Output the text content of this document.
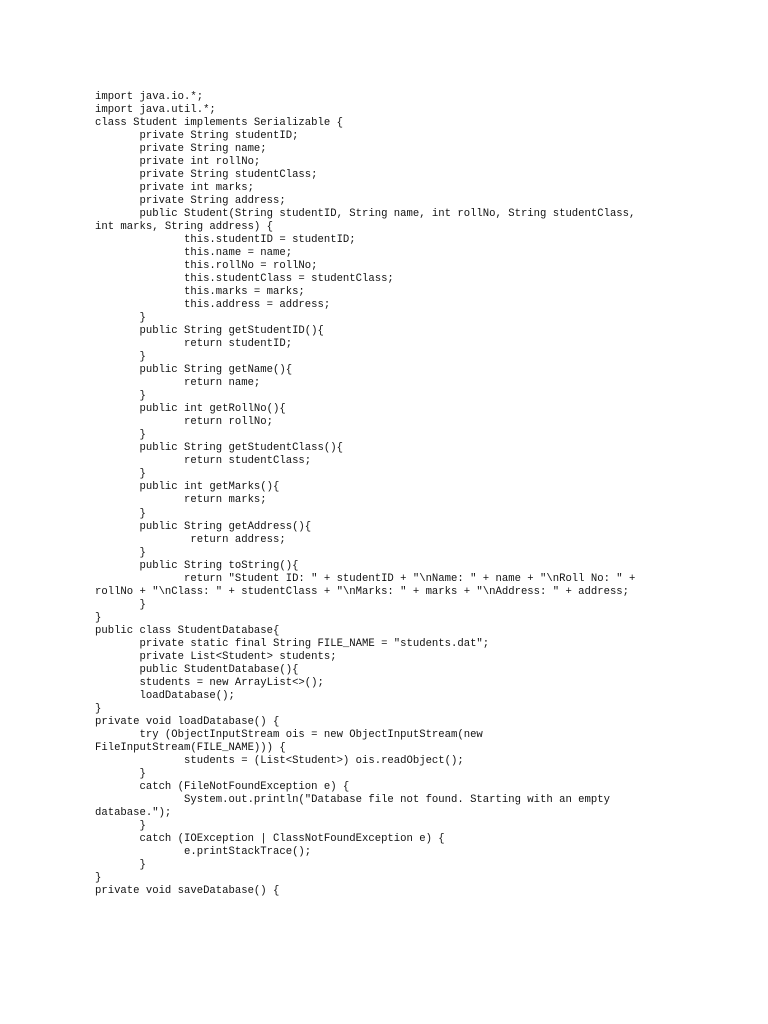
import java.io.*;
import java.util.*;
class Student implements Serializable {
private String studentID;
private String name;
private int rollNo;
private String studentClass;
private int marks;
private String address;
public Student(String studentID, String name, int rollNo, String studentClass,
int marks, String address) {
this.studentID = studentID;
this.name = name;
this.rollNo = rollNo;
this.studentClass = studentClass;
this.marks = marks;
this.address = address;
}
public String getStudentID(){
return studentID;
}
public String getName(){
return name;
}
public int getRollNo(){
return rollNo;
}
public String getStudentClass(){
return studentClass;
}
public int getMarks(){
return marks;
}
public String getAddress(){
return address;
}
public String toString(){
return "Student ID: " + studentID + "\nName: " + name + "\nRoll No: " +
rollNo + "\nClass: " + studentClass + "\nMarks: " + marks + "\nAddress: " + address;
}
}
public class StudentDatabase{
private static final String FILE_NAME = "students.dat";
private List<Student> students;
public StudentDatabase(){
students = new ArrayList<>();
loadDatabase();
}
private void loadDatabase() {
try (ObjectInputStream ois = new ObjectInputStream(new
FileInputStream(FILE_NAME))) {
students = (List<Student>) ois.readObject();
}
catch (FileNotFoundException e) {
System.out.println("Database file not found. Starting with an empty
database.");
}
catch (IOException | ClassNotFoundException e) {
e.printStackTrace();
}
}
private void saveDatabase() {
